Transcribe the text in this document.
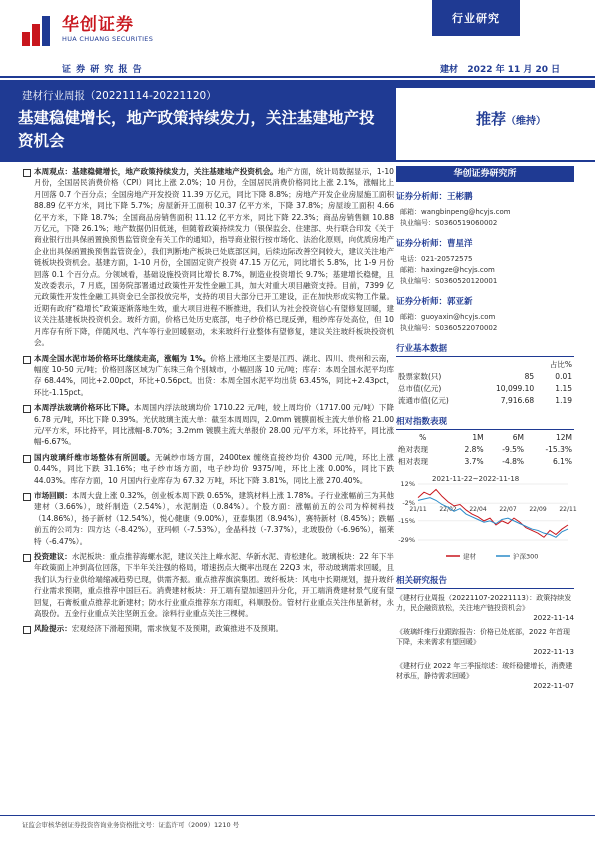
华创证券
HUA CHUANG SECURITIES
证 券 研 究 报 告
行业研究
建材 2022 年 11 月 20 日
建材行业周报（20221114-20221120）
基建稳健增长，地产政策持续发力，关注基建地产投资机会
推荐（维持）
本周观点：基建稳健增长，地产政策持续发力，关注基建地产投资机会。地产方面，统计局数据显示，1-10 月份，全国居民消费价格（CPI）同比上涨 2.0%；10 月份，全国居民消费价格同比上涨 2.1%，涨幅比上月回落 0.7 个百分点；全国房地产开发投资 11.39 万亿元，同比下降 8.8%；房地产开发企业房屋施工面积 88.89 亿平方米，同比下降 5.7%；房屋新开工面积 10.37 亿平方米，下降 37.8%；房屋竣工面积 4.66 亿平方米，下降 18.7%；全国商品房销售面积 11.12 亿平方米，同比下降 22.3%；商品房销售额 10.88 万亿元，下降 26.1%；地产数据仍旧低迷，但随着政策持续发力（银保监会、住建部、央行联合印发《关于商业银行出具保函置换预售监管资金有关工作的通知》，指导商业银行按市场化、法治化原则，向优质房地产企业出具保函置换预售监管资金），我们判断地产板块已处底部区间，后续边际改善空间较大，建议关注地产链板块投资机会。基建方面，1-10 月份，全国固定资产投资 47.15 万亿元，同比增长 5.8%，比 1-9 月份回落 0.1 个百分点。分领域看，基础设施投资同比增长 8.7%，制造业投资增长 9.7%；基建增长稳健，且发改委表示，7 月底，国务院部署通过政策性开发性金融工具，加大对重大项目融资支持。目前，7399 亿元政策性开发性金融工具资金已全部投放完毕，支持的项目大部分已开工建设，正在加快形成实物工作量。近期有政府“稳增长”政策逐渐落地生效，重大项目进程不断推进，我们认为社会投资信心有望修复回暖，建议关注基建板块投资机会。玻纤方面，价格已处历史底部，电子纱价格已现反弹，粗纱库存处高位，但 10 月库存有所下降，伴随风电、汽车等行业回暖驱动，未来玻纤行业整体有望修复，建议关注玻纤板块投资机会。
本周全国水泥市场价格环比继续走高，涨幅为 1%。价格上涨地区主要是江西、湖北、四川、贵州和云南，幅度 10-50 元/吨；价格回落区域为广东珠三角个别城市，小幅回落 10 元/吨；库存：本周全国水泥平均库存 68.44%，同比+2.00pct，环比+0.56pct。出货：本周全国水泥平均出货 63.45%，同比+2.43pct，环比-1.15pct。
本周浮法玻璃价格环比下降。本周国内浮法玻璃均价 1710.22 元/吨，较上周均价（1717.00 元/吨）下降 6.78 元/吨，环比下降 0.39%。光伏玻璃主流大单：截至本周周四，2.0mm 镀膜面板主流大单价格 21.00 元/平方米，环比持平，同比涨幅-8.70%；3.2mm 镀膜主流大单报价 28.00 元/平方米，环比持平，同比涨幅-6.67%。
国内玻璃纤维市场整体有所回暖。无碱纱市场方面，2400tex 缠绕直接纱均价 4300 元/吨，环比上涨 0.44%，同比下跌 31.16%；电子纱市场方面，电子纱均价 9375/吨，环比上涨 0.00%，同比下跌 44.03%。库存方面，10 月国内行业库存为 67.32 万吨，环比下降 3.81%，同比上涨 270.40%。
市场回顾：本周大盘上涨 0.32%，创业板本周下跌 0.65%，建筑材料上涨 1.78%。子行业涨幅前三为其他建材（3.66%），玻纤制造（2.54%），水泥制造（0.84%）。个股方面：涨幅前五的公司为梓树科技（14.86%），扬子新材（12.54%），悦心健康（9.00%），亚泰集团（8.94%），赛特新材（8.45%）；跌幅前五的公司为：四方达（-8.42%），亚玛顿（-7.53%），金晶科技（-7.37%），北玻股份（-6.96%），福莱特（-6.47%）。
投资建议：水泥板块：重点推荐海螺水泥，建议关注上峰水泥、华新水泥、青松建化。玻璃板块：22 年下半年政策面上冲到高位回落，下半年关注强的格局，增速拐点大概率出现在 22Q3 末，带动玻璃需求回暖，且我们认为行业供给端缩减趋势已现，供需齐振。重点推荐旗滨集团。玻纤板块：风电中长期规划，提升玻纤行业需求预期，重点推荐中国巨石。消费建材板块：开工端有望加速回升分化，开工端消费建材景气度有望回复，石膏板重点推荐北新建材；防水行业重点推荐东方雨虹，科顺股份。管材行业重点关注伟星新材，永高股份。五金行业重点关注坚朗五金。涂料行业重点关注三棵树。
风险提示：宏观经济下滑超预期，需求恢复不及预期，政策推进不及预期。
华创证券研究所
证券分析师：王彬鹏
邮箱：wangbinpeng@hcyjs.com
执业编号：S0360519060002
证券分析师：曹星洋
电话：021-20572575
邮箱：haxingze@hcyjs.com
执业编号：S0360520120001
证券分析师：郭亚新
邮箱：guoyaxin@hcyjs.com
执业编号：S0360522070002
行业基本数据
		占比%
股票家数(只)	85	0.01
总市值(亿元)	10,099.10	1.15
流通市值(亿元)	7,916.68	1.19
相对指数表现
%	1M	6M	12M
绝对表现	2.8%	-9.5%	-15.3%
相对表现	3.7%	-4.8%	6.1%
2021-11-22~2022-11-18
12%
-2%
-15%
-29%
21/11 22/02 22/04 22/07 22/09 22/11
建材	沪深300
相关研究报告
《建材行业周报（20221107-20221113）：政策持续发力，民企融资放松，关注地产链投资机会》
2022-11-14
《玻璃纤维行业跟踪报告：价格已处底部，2022 年首现下降，未来需求有望回暖》
2022-11-13
《建材行业 2022 年三季报综述：玻纤稳健增长，消费建材承压，静待需求回暖》
2022-11-07
证监会审核华创证券投资咨询业务资格批文号：证监许可（2009）1210 号
